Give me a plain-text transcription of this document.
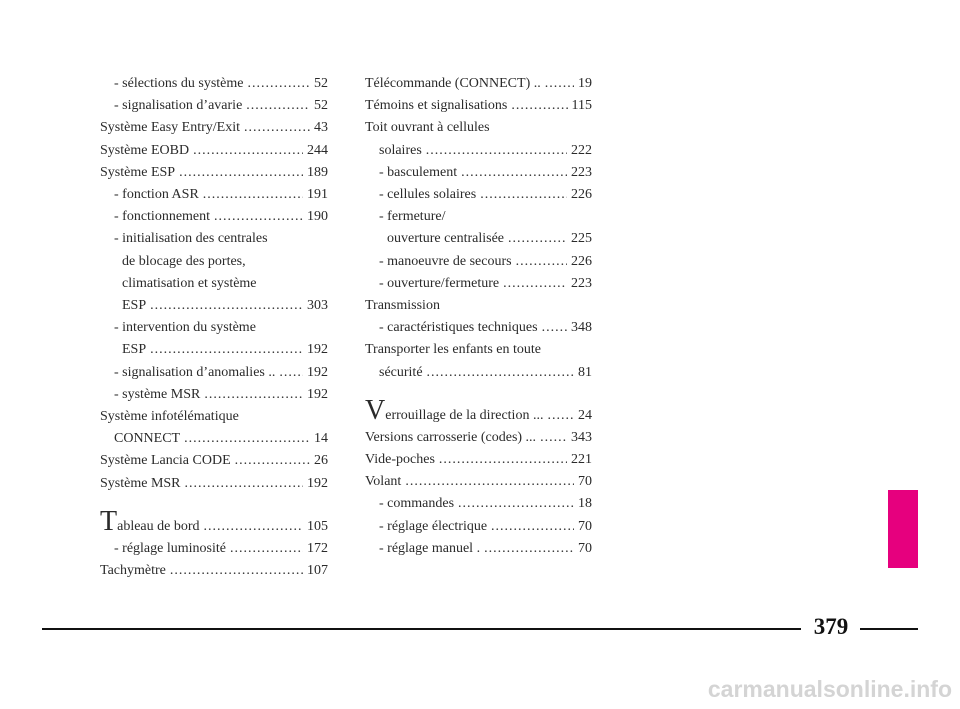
- sélections du système .....	52
- signalisation d’avarie .....	52
Système Easy Entry/Exit .....	43
Système EOBD .....	244
Système ESP .....	189
- fonction ASR .....	191
- fonctionnement .....	190
- initialisation des centrales
de blocage des portes,
climatisation et système
ESP .....	303
- intervention du système
ESP .....	192
- signalisation d’anomalies .. ..... 192
- système MSR .....	192
Système infotélématique
CONNECT .....	14
Système Lancia CODE .....	26
Système MSR .....	192
Tableau de bord .....	105
- réglage luminosité .....	172
Tachymètre .....	107
Télécommande (CONNECT) .. .....	19
Témoins et signalisations .....	115
Toit ouvrant à cellules
solaires .....	222
- basculement .....	223
- cellules solaires .....	226
- fermeture/
ouverture centralisée .....	225
- manoeuvre de secours .....	226
- ouverture/fermeture .....	223
Transmission
- caractéristiques techniques ..... 348
Transporter les enfants en toute
sécurité .....	81
Verrouillage de la direction ... ..... 24
Versions carrosserie (codes) ... ..... 343
Vide-poches .....	221
Volant .....	70
- commandes .....	18
- réglage électrique .....	70
- réglage manuel . .....	70
379
carmanualsonline.info
